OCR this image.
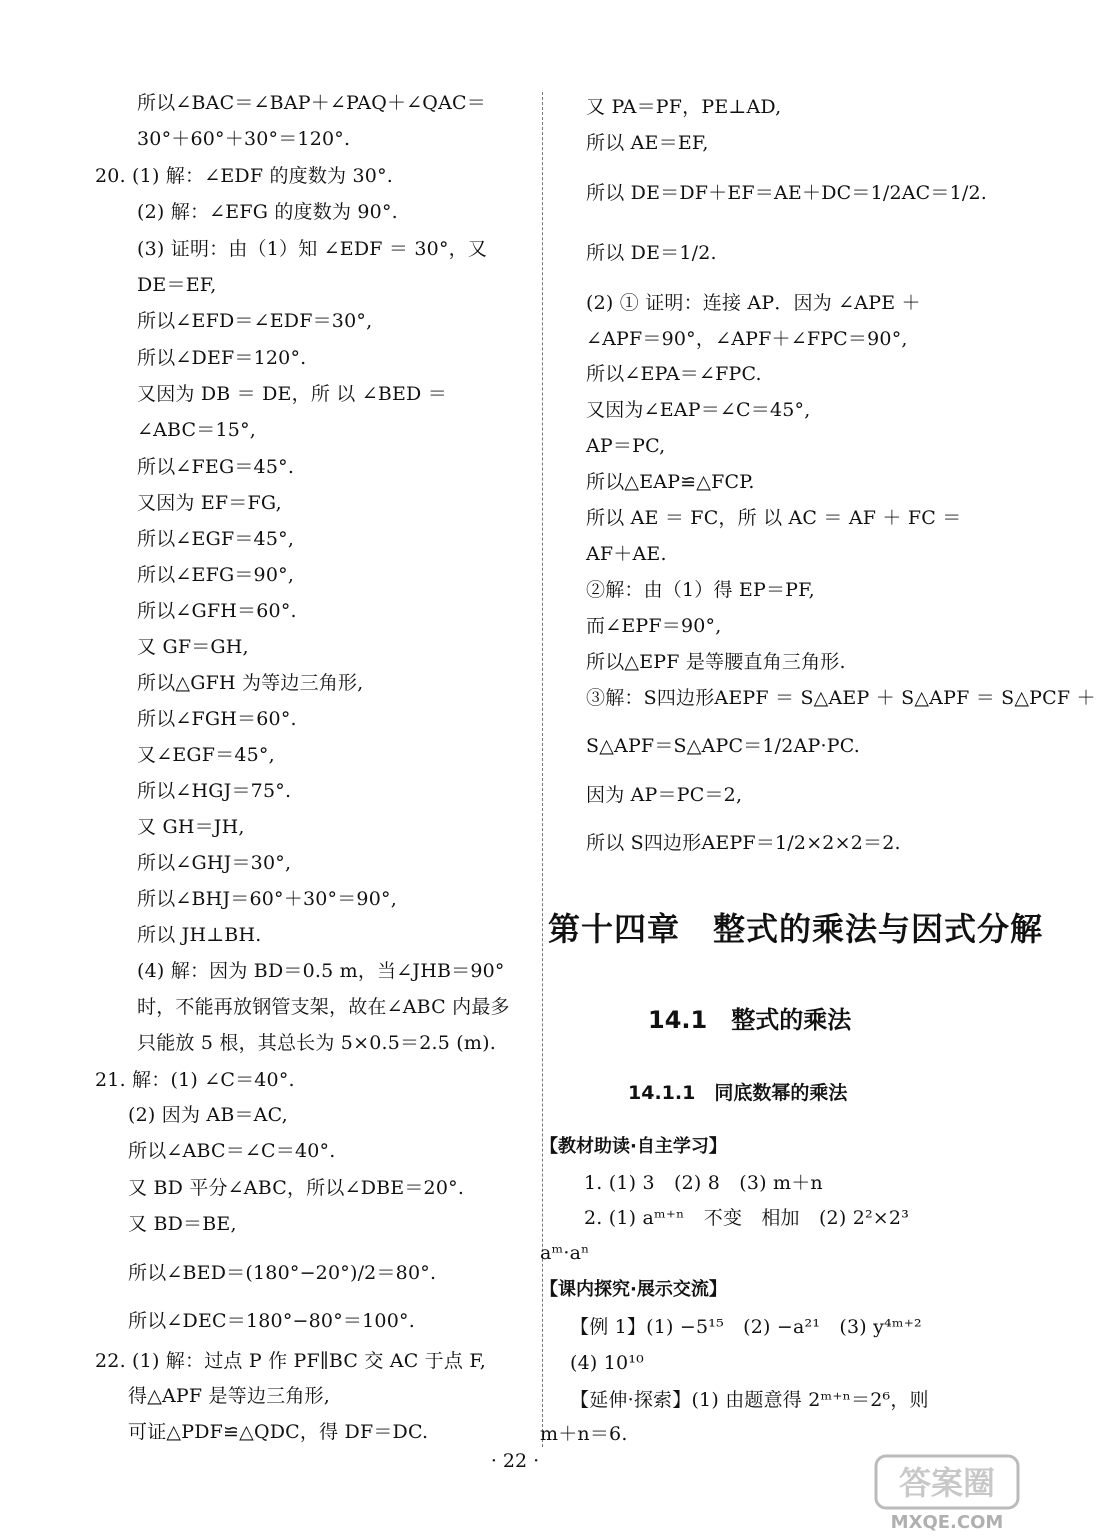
所以∠BAC＝∠BAP＋∠PAQ＋∠QAC＝
30°＋60°＋30°＝120°.
20. (1) 解：∠EDF 的度数为 30°.
(2) 解：∠EFG 的度数为 90°.
(3) 证明：由（1）知 ∠EDF ＝ 30°，又
DE＝EF,
所以∠EFD＝∠EDF＝30°,
所以∠DEF＝120°.
又因为 DB ＝ DE，所 以 ∠BED ＝
∠ABC＝15°,
所以∠FEG＝45°.
又因为 EF＝FG,
所以∠EGF＝45°,
所以∠EFG＝90°,
所以∠GFH＝60°.
又 GF＝GH,
所以△GFH 为等边三角形,
所以∠FGH＝60°.
又∠EGF＝45°,
所以∠HGJ＝75°.
又 GH＝JH,
所以∠GHJ＝30°,
所以∠BHJ＝60°＋30°＝90°,
所以 JH⊥BH.
(4) 解：因为 BD＝0.5 m，当∠JHB＝90°
时，不能再放钢管支架，故在∠ABC 内最多
只能放 5 根，其总长为 5×0.5＝2.5 (m).
21. 解：(1) ∠C＝40°.
(2) 因为 AB＝AC,
所以∠ABC＝∠C＝40°.
又 BD 平分∠ABC，所以∠DBE＝20°.
又 BD＝BE,
所以∠BED＝(180°−20°)/2＝80°.
所以∠DEC＝180°−80°＝100°.
22. (1) 解：过点 P 作 PF∥BC 交 AC 于点 F,
得△APF 是等边三角形,
可证△PDF≌△QDC，得 DF＝DC.
又 PA＝PF，PE⊥AD,
所以 AE＝EF,
所以 DE＝DF＋EF＝AE＋DC＝1/2AC＝1/2.
所以 DE＝1/2.
(2) ① 证明：连接 AP．因为 ∠APE ＋
∠APF＝90°，∠APF＋∠FPC＝90°,
所以∠EPA＝∠FPC.
又因为∠EAP＝∠C＝45°,
AP＝PC,
所以△EAP≌△FCP.
所以 AE ＝ FC，所 以 AC ＝ AF ＋ FC ＝
AF＋AE.
②解：由（1）得 EP＝PF,
而∠EPF＝90°,
所以△EPF 是等腰直角三角形.
③解：S四边形AEPF ＝ S△AEP ＋ S△APF ＝ S△PCF ＋
S△APF＝S△APC＝1/2AP·PC.
因为 AP＝PC＝2,
所以 S四边形AEPF＝1/2×2×2＝2.
第十四章　整式的乘法与因式分解
14.1　整式的乘法
14.1.1　同底数幂的乘法
【教材助读·自主学习】
1. (1) 3　(2) 8　(3) m＋n
2. (1) aᵐ⁺ⁿ　不变　相加　(2) 2²×2³
aᵐ·aⁿ
【课内探究·展示交流】
【例 1】(1) −5¹⁵　(2) −a²¹　(3) y⁴ᵐ⁺²
(4) 10¹⁰
【延伸·探索】(1) 由题意得 2ᵐ⁺ⁿ＝2⁶，则
m＋n＝6.
· 22 ·
答案圈
MXQE.COM
